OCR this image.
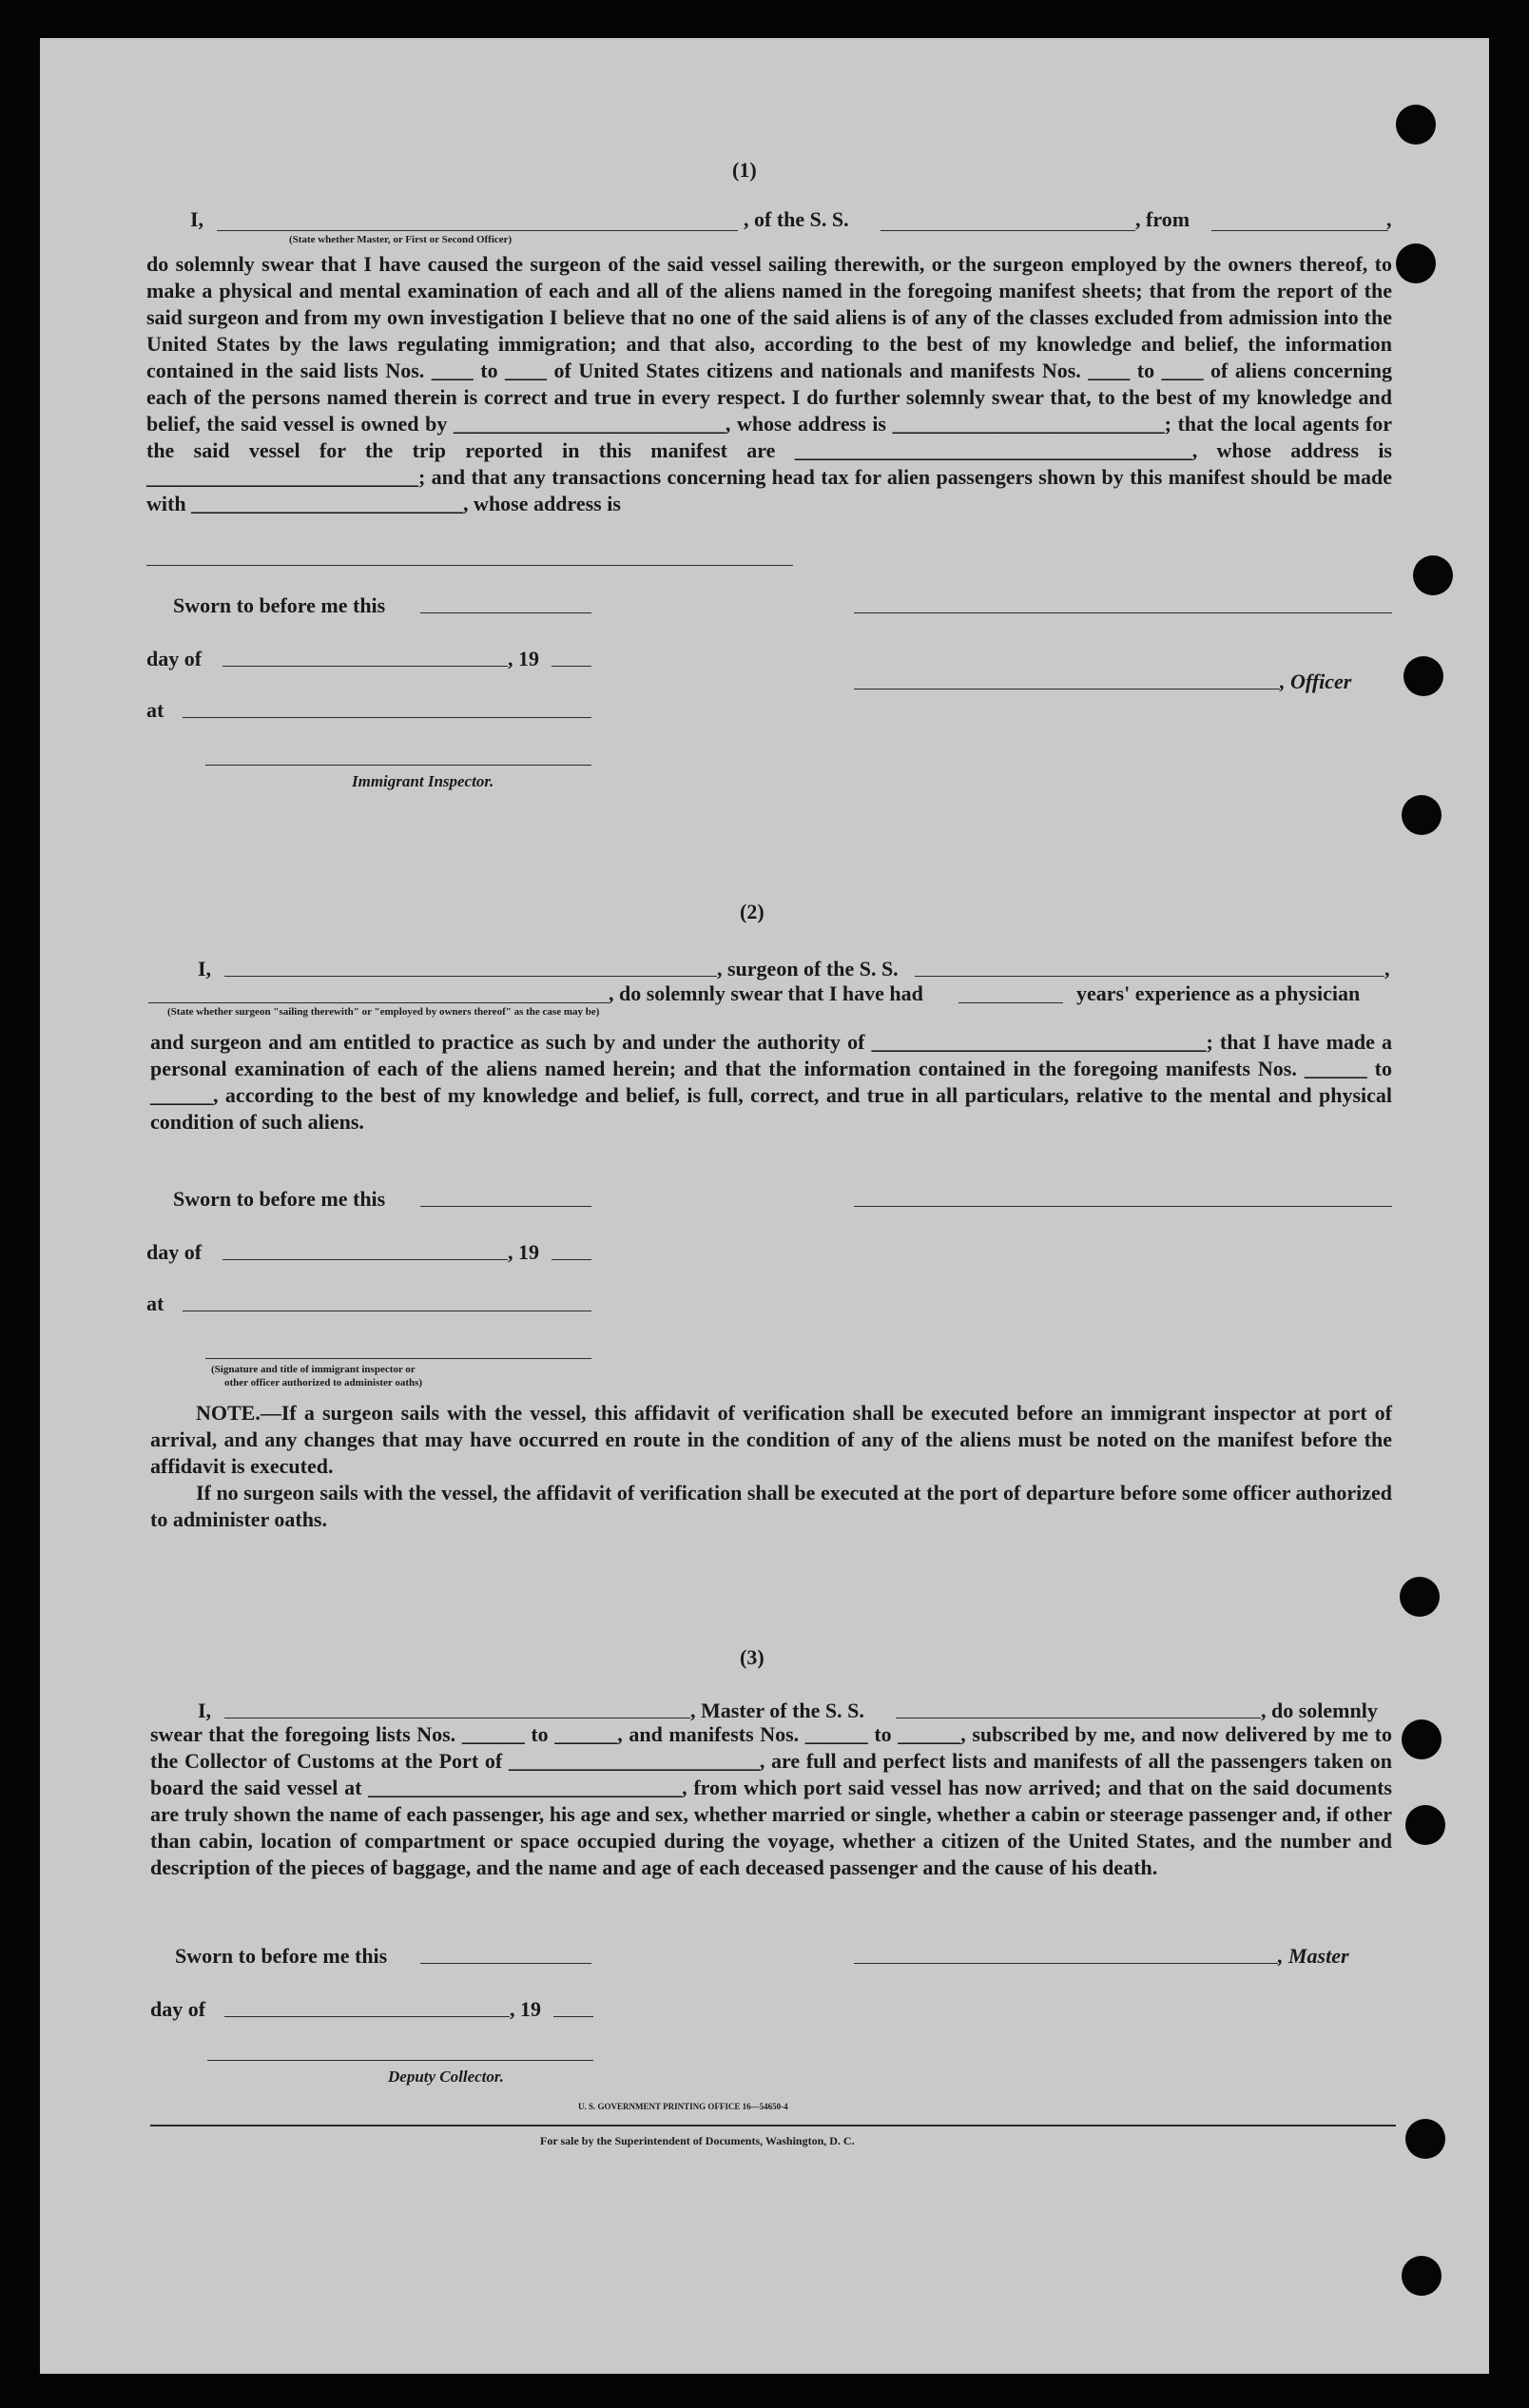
(1)
I,	, of the S. S.	, from	,
(State whether Master, or First or Second Officer)
do solemnly swear that I have caused the surgeon of the said vessel sailing therewith, or the surgeon employed by the owners thereof, to make a physical and mental examination of each and all of the aliens named in the foregoing manifest sheets; that from the report of the said surgeon and from my own investigation I believe that no one of the said aliens is of any of the classes excluded from admission into the United States by the laws regulating immigration; and that also, according to the best of my knowledge and belief, the information contained in the said lists Nos. ____ to ____ of United States citizens and nationals and manifests Nos. ____ to ____ of aliens concerning each of the persons named therein is correct and true in every respect. I do further solemnly swear that, to the best of my knowledge and belief, the said vessel is owned by __________________________, whose address is __________________________; that the local agents for the said vessel for the trip reported in this manifest are ______________________________________, whose address is __________________________; and that any transactions concerning head tax for alien passengers shown by this manifest should be made with __________________________, whose address is
Sworn to before me this
day of	, 19
at
Immigrant Inspector.
, Officer
(2)
I,	, surgeon of the S. S.	,
, do solemnly swear that I have had	years' experience as a physician
(State whether surgeon "sailing therewith" or "employed by owners thereof" as the case may be)
and surgeon and am entitled to practice as such by and under the authority of ________________________________; that I have made a personal examination of each of the aliens named herein; and that the information contained in the foregoing manifests Nos. ______ to ______, according to the best of my knowledge and belief, is full, correct, and true in all particulars, relative to the mental and physical condition of such aliens.
Sworn to before me this
day of	, 19
at
(Signature and title of immigrant inspector or
other officer authorized to administer oaths)
NOTE.—If a surgeon sails with the vessel, this affidavit of verification shall be executed before an immigrant inspector at port of arrival, and any changes that may have occurred en route in the condition of any of the aliens must be noted on the manifest before the affidavit is executed.
If no surgeon sails with the vessel, the affidavit of verification shall be executed at the port of departure before some officer authorized to administer oaths.
(3)
I,	, Master of the S. S.	, do solemnly
swear that the foregoing lists Nos. ______ to ______, and manifests Nos. ______ to ______, subscribed by me, and now delivered by me to the Collector of Customs at the Port of ________________________, are full and perfect lists and manifests of all the passengers taken on board the said vessel at ______________________________, from which port said vessel has now arrived; and that on the said documents are truly shown the name of each passenger, his age and sex, whether married or single, whether a cabin or steerage passenger and, if other than cabin, location of compartment or space occupied during the voyage, whether a citizen of the United States, and the number and description of the pieces of baggage, and the name and age of each deceased passenger and the cause of his death.
Sworn to before me this	, Master
day of	, 19
Deputy Collector.
U. S. GOVERNMENT PRINTING OFFICE 16—54650-4
For sale by the Superintendent of Documents, Washington, D. C.
